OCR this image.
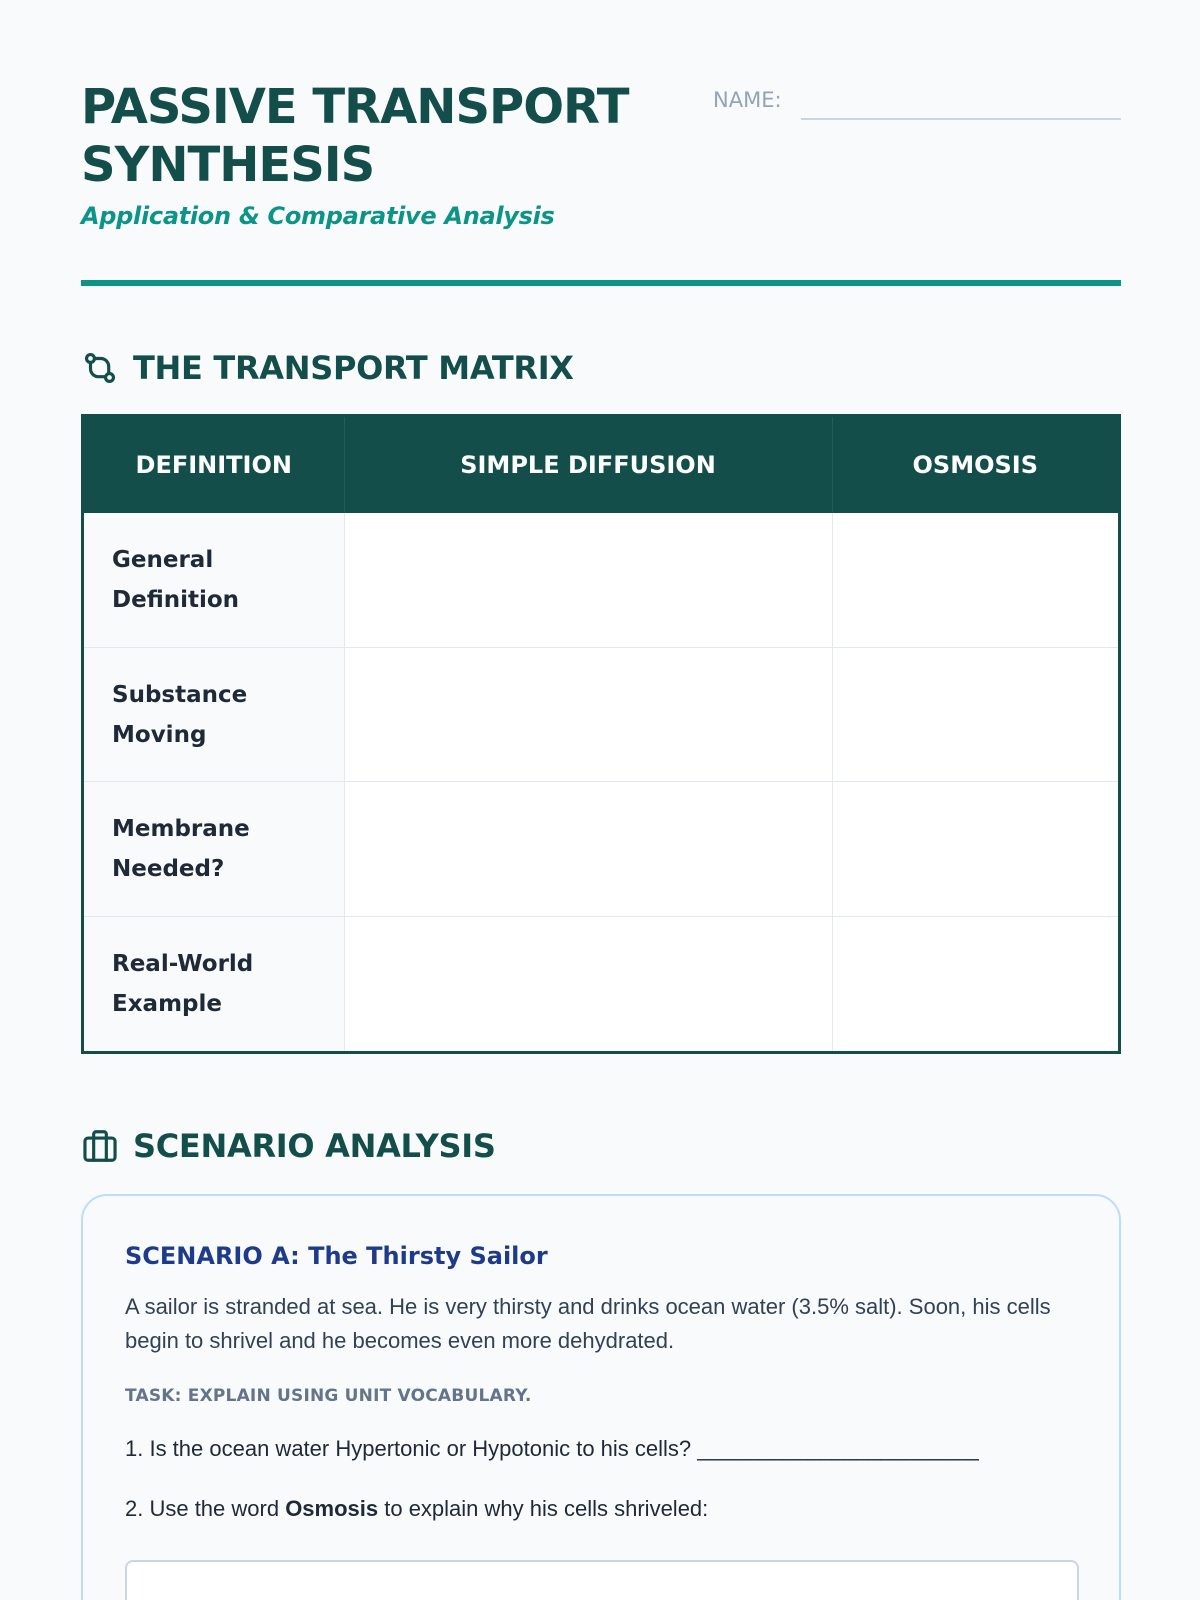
PASSIVE TRANSPORT SYNTHESIS
Application & Comparative Analysis
NAME:
THE TRANSPORT MATRIX
DEFINITION	SIMPLE DIFFUSION	OSMOSIS
General Definition		
Substance Moving		
Membrane Needed?		
Real-World Example		
SCENARIO ANALYSIS
SCENARIO A: The Thirsty Sailor

A sailor is stranded at sea. He is very thirsty and drinks ocean water (3.5% salt). Soon, his cells begin to shrivel and he becomes even more dehydrated.

TASK: EXPLAIN USING UNIT VOCABULARY.
1. Is the ocean water Hypertonic or Hypotonic to his cells? _______________________
2. Use the word Osmosis to explain why his cells shriveled:
